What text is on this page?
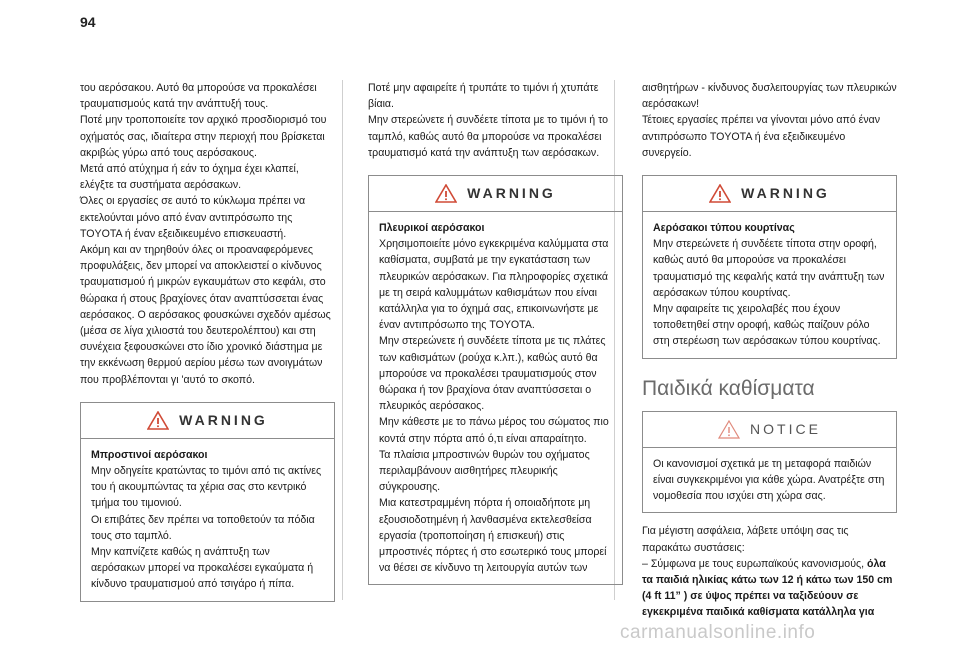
94

του αερόσακου. Αυτό θα μπορούσε να προκαλέσει τραυματισμούς κατά την ανάπτυξή τους.
Ποτέ μην τροποποιείτε τον αρχικό προσδιορισμό του οχήματός σας, ιδιαίτερα στην περιοχή που βρίσκεται ακριβώς γύρω από τους αερόσακους.
Μετά από ατύχημα ή εάν το όχημα έχει κλαπεί, ελέγξτε τα συστήματα αερόσακων.
Όλες οι εργασίες σε αυτό το κύκλωμα πρέπει να εκτελούνται μόνο από έναν αντιπρόσωπο της TOYOTA ή έναν εξειδικευμένο επισκευαστή.
Ακόμη και αν τηρηθούν όλες οι προαναφερόμενες προφυλάξεις, δεν μπορεί να αποκλειστεί ο κίνδυνος τραυματισμού ή μικρών εγκαυμάτων στο κεφάλι, στο θώρακα ή στους βραχίονες όταν αναπτύσσεται ένας αερόσακος. Ο αερόσακος φουσκώνει σχεδόν αμέσως (μέσα σε λίγα χιλιοστά του δευτερολέπτου) και στη συνέχεια ξεφουσκώνει στο ίδιο χρονικό διάστημα με την εκκένωση θερμού αερίου μέσω των ανοιγμάτων που προβλέπονται γι 'αυτό το σκοπό.

WARNING

Μπροστινοί αερόσακοι

Μην οδηγείτε κρατώντας το τιμόνι από τις ακτίνες του ή ακουμπώντας τα χέρια σας στο κεντρικό τμήμα του τιμονιού.
Οι επιβάτες δεν πρέπει να τοποθετούν τα πόδια τους στο ταμπλό.
Μην καπνίζετε καθώς η ανάπτυξη των αερόσακων μπορεί να προκαλέσει εγκαύματα ή κίνδυνο τραυματισμού από τσιγάρο ή πίπα.

Ποτέ μην αφαιρείτε ή τρυπάτε το τιμόνι ή χτυπάτε βίαια.
Μην στερεώνετε ή συνδέετε τίποτα με το τιμόνι ή το ταμπλό, καθώς αυτό θα μπορούσε να προκαλέσει τραυματισμό κατά την ανάπτυξη των αερόσακων.

WARNING

Πλευρικοί αερόσακοι

Χρησιμοποιείτε μόνο εγκεκριμένα καλύμματα στα καθίσματα, συμβατά με την εγκατάσταση των πλευρικών αερόσακων. Για πληροφορίες σχετικά με τη σειρά καλυμμάτων καθισμάτων που είναι κατάλληλα για το όχημά σας, επικοινωνήστε με έναν αντιπρόσωπο της TOYOTA.
Μην στερεώνετε ή συνδέετε τίποτα με τις πλάτες των καθισμάτων (ρούχα κ.λπ.), καθώς αυτό θα μπορούσε να προκαλέσει τραυματισμούς στον θώρακα ή τον βραχίονα όταν αναπτύσσεται ο πλευρικός αερόσακος.
Μην κάθεστε με το πάνω μέρος του σώματος πιο κοντά στην πόρτα από ό,τι είναι απαραίτητο.
Τα πλαίσια μπροστινών θυρών του οχήματος περιλαμβάνουν αισθητήρες πλευρικής σύγκρουσης.
Μια κατεστραμμένη πόρτα ή οποιαδήποτε μη εξουσιοδοτημένη ή λανθασμένα εκτελεσθείσα εργασία (τροποποίηση ή επισκευή) στις μπροστινές πόρτες ή στο εσωτερικό τους μπορεί να θέσει σε κίνδυνο τη λειτουργία αυτών των

αισθητήρων - κίνδυνος δυσλειτουργίας των πλευρικών αερόσακων!
Τέτοιες εργασίες πρέπει να γίνονται μόνο από έναν αντιπρόσωπο TOYOTA ή ένα εξειδικευμένο συνεργείο.

WARNING

Αερόσακοι τύπου κουρτίνας

Μην στερεώνετε ή συνδέετε τίποτα στην οροφή, καθώς αυτό θα μπορούσε να προκαλέσει τραυματισμό της κεφαλής κατά την ανάπτυξη των αερόσακων τύπου κουρτίνας.
Μην αφαιρείτε τις χειρολαβές που έχουν τοποθετηθεί στην οροφή, καθώς παίζουν ρόλο στη στερέωση των αερόσακων τύπου κουρτίνας.

Παιδικά καθίσματα
NOTICE

Οι κανονισμοί σχετικά με τη μεταφορά παιδιών είναι συγκεκριμένοι για κάθε χώρα. Ανατρέξτε στη νομοθεσία που ισχύει στη χώρα σας.

Για μέγιστη ασφάλεια, λάβετε υπόψη σας τις παρακάτω συστάσεις:
– Σύμφωνα με τους ευρωπαϊκούς κανονισμούς, όλα τα παιδιά ηλικίας κάτω των 12 ή κάτω των 150 cm (4 ft 11” ) σε ύψος πρέπει να ταξιδεύουν σε εγκεκριμένα παιδικά καθίσματα κατάλληλα για

carmanualsonline.info
